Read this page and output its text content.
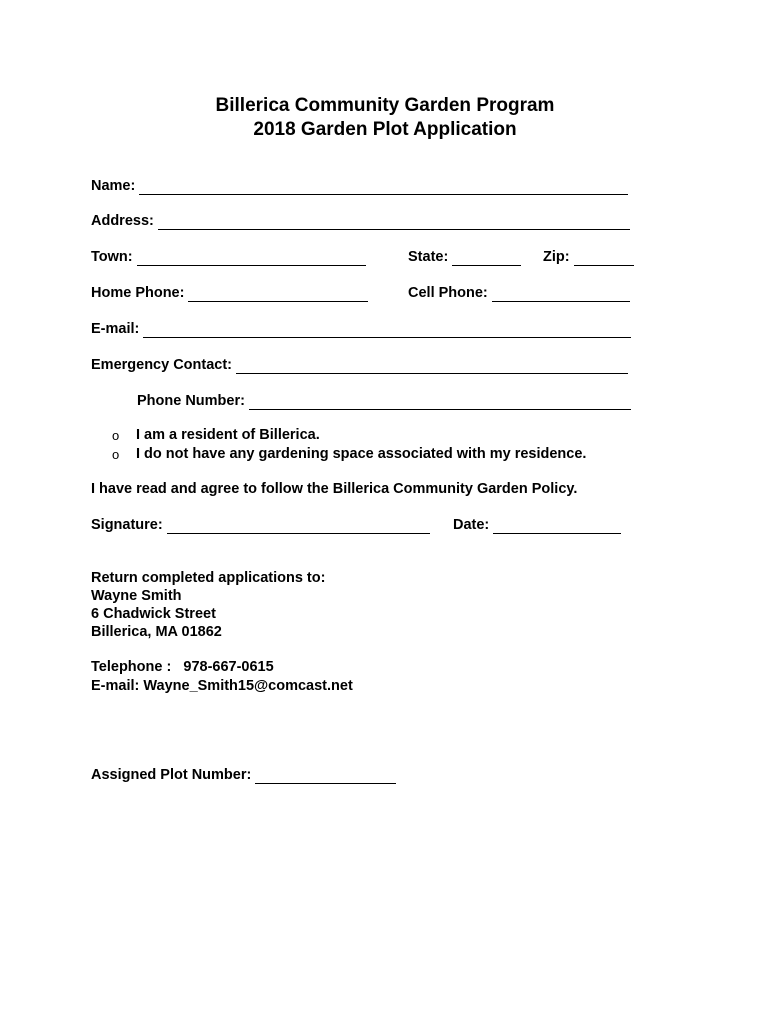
Billerica Community Garden Program
2018 Garden Plot Application
Name:
Address:
Town:	State:	Zip:
Home Phone:	Cell Phone:
E-mail:
Emergency Contact:
Phone Number:
o I am a resident of Billerica.
o I do not have any gardening space associated with my residence.
I have read and agree to follow the Billerica Community Garden Policy.
Signature:	Date:
Return completed applications to:
Wayne Smith
6 Chadwick Street
Billerica, MA 01862
Telephone :   978-667-0615
E-mail: Wayne_Smith15@comcast.net
Assigned Plot Number:
